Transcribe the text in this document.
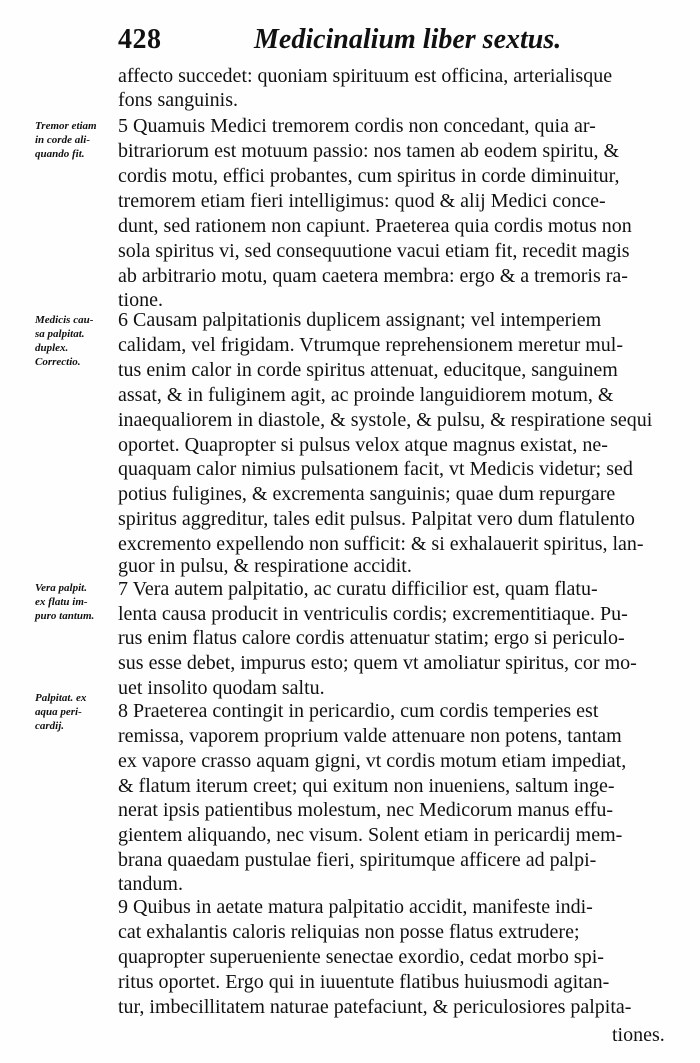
428	Medicinalium liber sextus.
Tremor etiam
in corde ali-
quando fit.
Medicis cau-
sa palpitat.
duplex.
Correctio.
Vera palpit.
ex flatu im-
puro tantum.
Palpitat. ex
aqua peri-
cardij.
affecto succedet: quoniam spirituum est officina, arterialisque
fons sanguinis.
5 Quamuis Medici tremorem cordis non concedant, quia ar-
bitrariorum est motuum passio: nos tamen ab eodem spiritu, &
cordis motu, effici probantes, cum spiritus in corde diminuitur,
tremorem etiam fieri intelligimus: quod & alij Medici conce-
dunt, sed rationem non capiunt. Praeterea quia cordis motus non
sola spiritus vi, sed consequutione vacui etiam fit, recedit magis
ab arbitrario motu, quam caetera membra: ergo & a tremoris ra-
tione.
6 Causam palpitationis duplicem assignant; vel intemperiem
calidam, vel frigidam. Vtrumque reprehensionem meretur mul-
tus enim calor in corde spiritus attenuat, educitque, sanguinem
assat, & in fuliginem agit, ac proinde languidiorem motum, &
inaequaliorem in diastole, & systole, & pulsu, & respiratione sequi
oportet. Quapropter si pulsus velox atque magnus existat, ne-
quaquam calor nimius pulsationem facit, vt Medicis videtur; sed
potius fuligines, & excrementa sanguinis; quae dum repurgare
spiritus aggreditur, tales edit pulsus. Palpitat vero dum flatulento
excremento expellendo non sufficit: & si exhalauerit spiritus, lan-
guor in pulsu, & respiratione accidit.
7 Vera autem palpitatio, ac curatu difficilior est, quam flatu-
lenta causa producit in ventriculis cordis; excrementitiaque. Pu-
rus enim flatus calore cordis attenuatur statim; ergo si periculo-
sus esse debet, impurus esto; quem vt amoliatur spiritus, cor mo-
uet insolito quodam saltu.
8 Praeterea contingit in pericardio, cum cordis temperies est
remissa, vaporem proprium valde attenuare non potens, tantam
ex vapore crasso aquam gigni, vt cordis motum etiam impediat,
& flatum iterum creet; qui exitum non inueniens, saltum inge-
nerat ipsis patientibus molestum, nec Medicorum manus effu-
gientem aliquando, nec visum. Solent etiam in pericardij mem-
brana quaedam pustulae fieri, spiritumque afficere ad palpi-
tandum.
9 Quibus in aetate matura palpitatio accidit, manifeste indi-
cat exhalantis caloris reliquias non posse flatus extrudere;
quapropter superueniente senectae exordio, cedat morbo spi-
ritus oportet. Ergo qui in iuuentute flatibus huiusmodi agitan-
tur, imbecillitatem naturae patefaciunt, & periculosiores palpita-
tiones.
